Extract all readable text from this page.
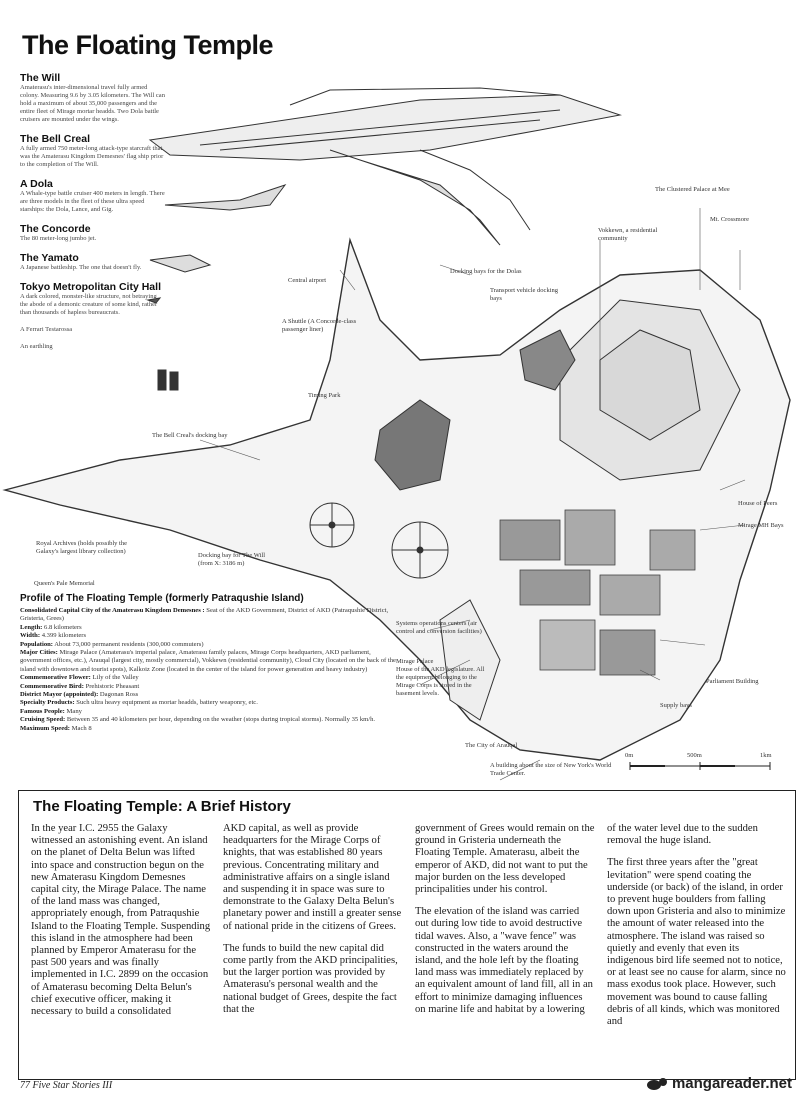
The Floating Temple
The Will
Amaterasu's inter-dimensional travel fully armed colony. Measuring 9.6 by 3.05 kilometers. The Will can hold a maximum of about 35,000 passengers and the entire fleet of Mirage mortar headds. Two Dola battle cruisers are mounted under the wings.
The Bell Creal
A fully armed 750 meter-long attack-type starcraft that was the Amaterasu Kingdom Demesnes' flag ship prior to the completion of The Will.
A Dola
A Whale-type battle cruiser 400 meters in length. There are three models in the fleet of these ultra speed starships: the Dola, Lance, and Gig.
The Concorde
The 80 meter-long jumbo jet.
The Yamato
A Japanese battleship. The one that doesn't fly.
Tokyo Metropolitan City Hall
A dark colored, monster-like structure, not betraying the abode of a demonic creature of some kind, rather than thousands of hapless bureaucrats.
A Ferrari Testarossa
An earthling
The Clustered Palace at Mee
Mt. Crossmore
Vokkewn, a residential community
Central airport
Docking bays for the Dolas
Transport vehicle docking bays
A Shuttle (A Concorde-class passenger liner)
Timing Park
The Bell Creal's docking bay
House of Peers
Mirage MH Bays
Royal Archives (holds possibly the Galaxy's largest library collection)
Docking bay for The Will (from X: 3186 m)
Queen's Pale Memorial
Systems operations centers (air control and conversion facilities)
Mirage Palace
House of the AKD legislature. All the equipment belonging to the Mirage Corps is stored in the basement levels.
Parliament Building
Supply bays
The City of Arauqal
A building about the size of New York's World Trade Center.
0m	500m	1km
Profile of The Floating Temple (formerly Patraqushie Island)
Consolidated Capital City of the Amaterasu Kingdom Demesnes : Seat of the AKD Government, District of AKD (Patraqushie District, Gristeria, Grees)
Length: 6.8 kilometers
Width: 4.399 kilometers
Population: About 73,000 permanent residents (300,000 commuters)
Major Cities: Mirage Palace (Amaterasu's imperial palace, Amaterasu family palaces, Mirage Corps headquarters, AKD parliament, government offices, etc.), Arauqal (largest city, mostly commercial), Vokkewn (residential community), Cloud City (located on the back of the island with downtown and tourist spots), Kalkoiz Zone (located in the center of the island for power generation and heavy industry)
Commemorative Flower: Lily of the Valley
Commemorative Bird: Prehistoric Pheasant
District Mayor (appointed): Dagonan Ross
Specialty Products: Such ultra heavy equipment as mortar headds, battery weaponry, etc.
Famous People: Many
Cruising Speed: Between 35 and 40 kilometers per hour, depending on the weather (stops during tropical storms). Normally 35 km/h.
Maximum Speed: Mach 8
The Floating Temple: A Brief History

In the year I.C. 2955 the Galaxy witnessed an astonishing event. An island on the planet of Delta Belun was lifted into space and construction begun on the new Amaterasu Kingdom Demesnes capital city, the Mirage Palace. The name of the land mass was changed, appropriately enough, from Patraqushie Island to the Floating Temple. Suspending this island in the atmosphere had been planned by Emperor Amaterasu for the past 500 years and was finally implemented in I.C. 2899 on the occasion of Amaterasu becoming Delta Belun's chief executive officer, making it necessary to build a consolidated

AKD capital, as well as provide headquarters for the Mirage Corps of knights, that was established 80 years previous. Concentrating military and administrative affairs on a single island and suspending it in space was sure to demonstrate to the Galaxy Delta Belun's planetary power and instill a greater sense of national pride in the citizens of Grees.

The funds to build the new capital did come partly from the AKD principalities, but the larger portion was provided by Amaterasu's personal wealth and the national budget of Grees, despite the fact that the

government of Grees would remain on the ground in Gristeria underneath the Floating Temple. Amaterasu, albeit the emperor of AKD, did not want to put the major burden on the less developed principalities under his control.

The elevation of the island was carried out during low tide to avoid destructive tidal waves. Also, a "wave fence" was constructed in the waters around the island, and the hole left by the floating land mass was immediately replaced by an equivalent amount of land fill, all in an effort to minimize damaging influences on marine life and habitat by a lowering

of the water level due to the sudden removal the huge island.

The first three years after the "great levitation" were spend coating the underside (or back) of the island, in order to prevent huge boulders from falling down upon Gristeria and also to minimize the amount of water released into the atmosphere. The island was raised so quietly and evenly that even its indigenous bird life seemed not to notice, or at least see no cause for alarm, since no mass exodus took place. However, such movement was bound to cause falling debris of all kinds, which was monitored and

77 Five Star Stories III	mangareader.net
